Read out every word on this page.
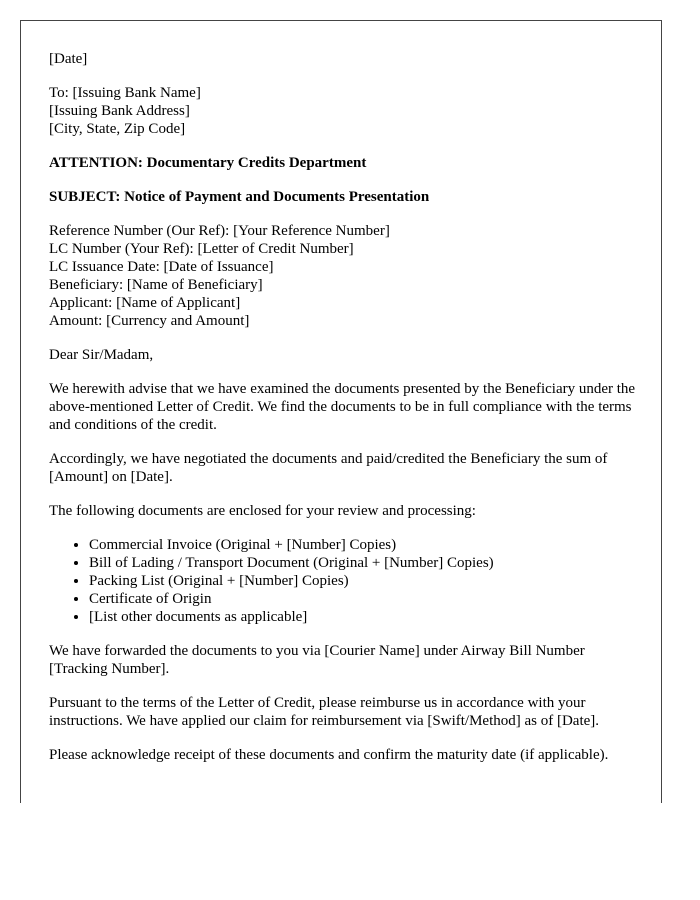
[Date]

To: [Issuing Bank Name]
[Issuing Bank Address]
[City, State, Zip Code]

ATTENTION: Documentary Credits Department

SUBJECT: Notice of Payment and Documents Presentation

Reference Number (Our Ref): [Your Reference Number]
LC Number (Your Ref): [Letter of Credit Number]
LC Issuance Date: [Date of Issuance]
Beneficiary: [Name of Beneficiary]
Applicant: [Name of Applicant]
Amount: [Currency and Amount]

Dear Sir/Madam,

We herewith advise that we have examined the documents presented by the Beneficiary under the above-mentioned Letter of Credit. We find the documents to be in full compliance with the terms and conditions of the credit.

Accordingly, we have negotiated the documents and paid/credited the Beneficiary the sum of [Amount] on [Date].

The following documents are enclosed for your review and processing:

• Commercial Invoice (Original + [Number] Copies)
• Bill of Lading / Transport Document (Original + [Number] Copies)
• Packing List (Original + [Number] Copies)
• Certificate of Origin
• [List other documents as applicable]

We have forwarded the documents to you via [Courier Name] under Airway Bill Number [Tracking Number].

Pursuant to the terms of the Letter of Credit, please reimburse us in accordance with your instructions. We have applied our claim for reimbursement via [Swift/Method] as of [Date].

Please acknowledge receipt of these documents and confirm the maturity date (if applicable).
